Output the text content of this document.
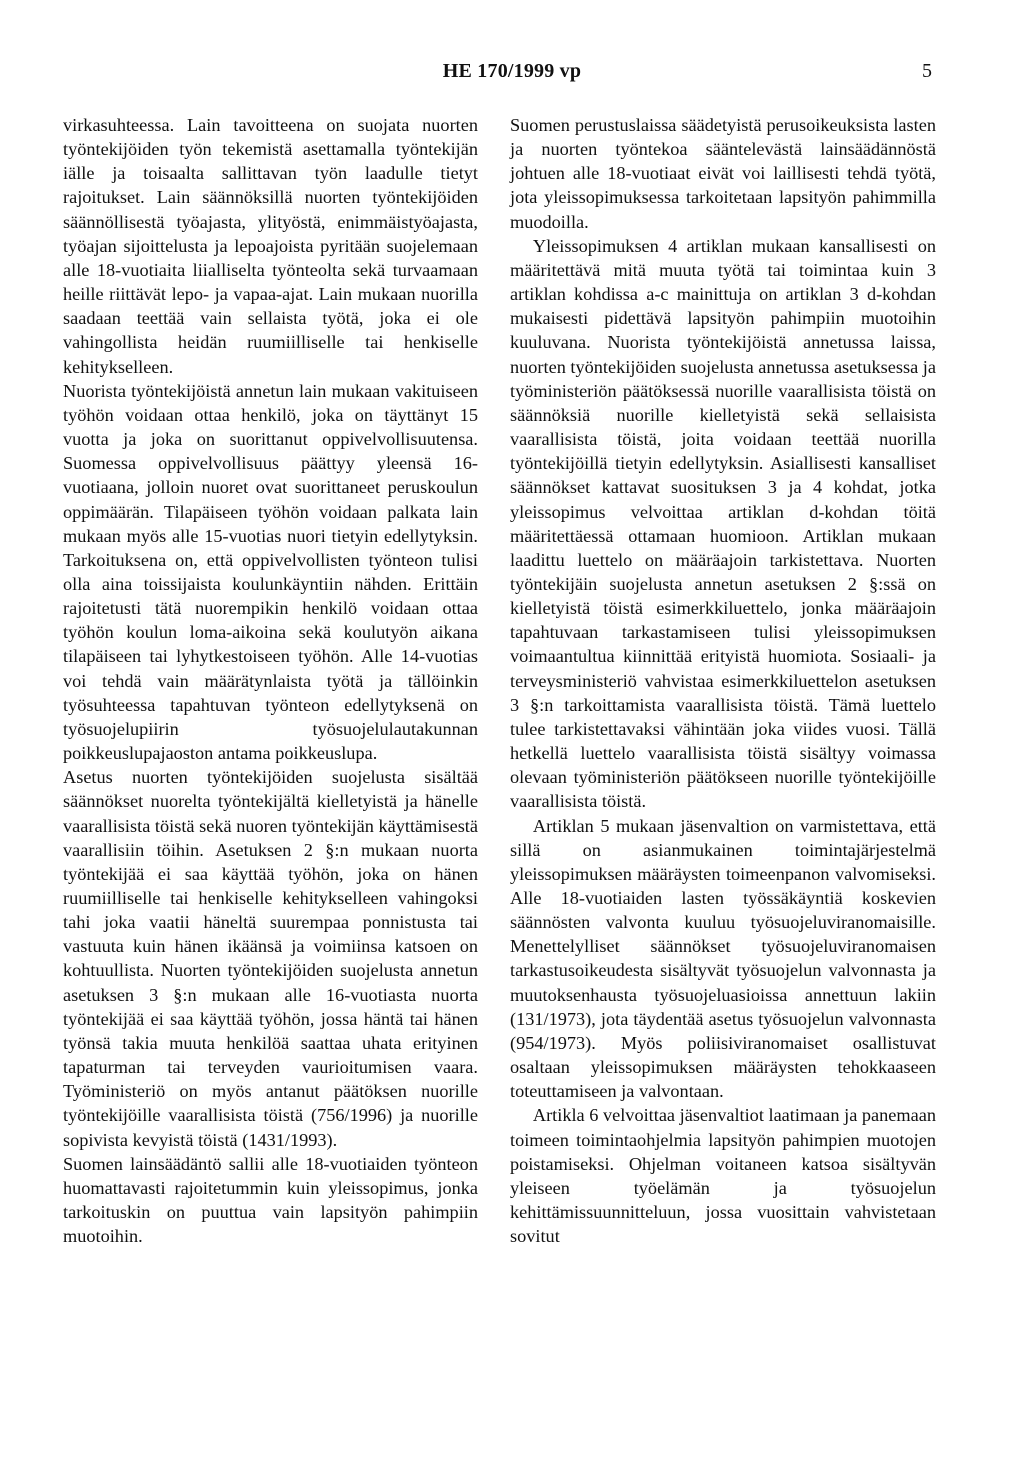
HE 170/1999 vp	5

virkasuhteessa. Lain tavoitteena on suojata nuorten työntekijöiden työn tekemistä asettamalla työntekijän iälle ja toisaalta sallittavan työn laadulle tietyt rajoitukset. Lain säännöksillä nuorten työntekijöiden säännöllisestä työajasta, ylityöstä, enimmäistyöajasta, työajan sijoittelusta ja lepoajoista pyritään suojelemaan alle 18-vuotiaita liialliselta työnteolta sekä turvaamaan heille riittävät lepo- ja vapaa-ajat. Lain mukaan nuorilla saadaan teettää vain sellaista työtä, joka ei ole vahingollista heidän ruumiilliselle tai henkiselle kehitykselleen.

Nuorista työntekijöistä annetun lain mukaan vakituiseen työhön voidaan ottaa henkilö, joka on täyttänyt 15 vuotta ja joka on suorittanut oppivelvollisuutensa. Suomessa oppivelvollisuus päättyy yleensä 16-vuotiaana, jolloin nuoret ovat suorittaneet peruskoulun oppimäärän. Tilapäiseen työhön voidaan palkata lain mukaan myös alle 15-vuotias nuori tietyin edellytyksin. Tarkoituksena on, että oppivelvollisten työnteon tulisi olla aina toissijaista koulunkäyntiin nähden. Erittäin rajoitetusti tätä nuorempikin henkilö voidaan ottaa työhön koulun loma-aikoina sekä koulutyön aikana tilapäiseen tai lyhytkestoiseen työhön. Alle 14-vuotias voi tehdä vain määrätynlaista työtä ja tällöinkin työsuhteessa tapahtuvan työnteon edellytyksenä on työsuojelupiirin työsuojelulautakunnan poikkeuslupajaoston antama poikkeuslupa.

Asetus nuorten työntekijöiden suojelusta sisältää säännökset nuorelta työntekijältä kielletyistä ja hänelle vaarallisista töistä sekä nuoren työntekijän käyttämisestä vaarallisiin töihin. Asetuksen 2 §:n mukaan nuorta työntekijää ei saa käyttää työhön, joka on hänen ruumiilliselle tai henkiselle kehitykselleen vahingoksi tahi joka vaatii häneltä suurempaa ponnistusta tai vastuuta kuin hänen ikäänsä ja voimiinsa katsoen on kohtuullista. Nuorten työntekijöiden suojelusta annetun asetuksen 3 §:n mukaan alle 16-vuotiasta nuorta työntekijää ei saa käyttää työhön, jossa häntä tai hänen työnsä takia muuta henkilöä saattaa uhata erityinen tapaturman tai terveyden vaurioitumisen vaara. Työministeriö on myös antanut päätöksen nuorille työntekijöille vaarallisista töistä (756/1996) ja nuorille sopivista kevyistä töistä (1431/1993).

Suomen lainsäädäntö sallii alle 18-vuotiaiden työnteon huomattavasti rajoitetummin kuin yleissopimus, jonka tarkoituskin on puuttua vain lapsityön pahimpiin muotoihin.

Suomen perustuslaissa säädetyistä perusoikeuksista lasten ja nuorten työntekoa sääntelevästä lainsäädännöstä johtuen alle 18-vuotiaat eivät voi laillisesti tehdä työtä, jota yleissopimuksessa tarkoitetaan lapsityön pahimmilla muodoilla.

Yleissopimuksen 4 artiklan mukaan kansallisesti on määritettävä mitä muuta työtä tai toimintaa kuin 3 artiklan kohdissa a-c mainittuja on artiklan 3 d-kohdan mukaisesti pidettävä lapsityön pahimpiin muotoihin kuuluvana. Nuorista työntekijöistä annetussa laissa, nuorten työntekijöiden suojelusta annetussa asetuksessa ja työministeriön päätöksessä nuorille vaarallisista töistä on säännöksiä nuorille kielletyistä sekä sellaisista vaarallisista töistä, joita voidaan teettää nuorilla työntekijöillä tietyin edellytyksin. Asiallisesti kansalliset säännökset kattavat suosituksen 3 ja 4 kohdat, jotka yleissopimus velvoittaa artiklan d-kohdan töitä määritettäessä ottamaan huomioon. Artiklan mukaan laadittu luettelo on määräajoin tarkistettava. Nuorten työntekijäin suojelusta annetun asetuksen 2 §:ssä on kielletyistä töistä esimerkkiluettelo, jonka määräajoin tapahtuvaan tarkastamiseen tulisi yleissopimuksen voimaantultua kiinnittää erityistä huomiota. Sosiaali- ja terveysministeriö vahvistaa esimerkkiluettelon asetuksen 3 §:n tarkoittamista vaarallisista töistä. Tämä luettelo tulee tarkistettavaksi vähintään joka viides vuosi. Tällä hetkellä luettelo vaarallisista töistä sisältyy voimassa olevaan työministeriön päätökseen nuorille työntekijöille vaarallisista töistä.

Artiklan 5 mukaan jäsenvaltion on varmistettava, että sillä on asianmukainen toimintajärjestelmä yleissopimuksen määräysten toimeenpanon valvomiseksi. Alle 18-vuotiaiden lasten työssäkäyntiä koskevien säännösten valvonta kuuluu työsuojeluviranomaisille. Menettelylliset säännökset työsuojeluviranomaisen tarkastusoikeudesta sisältyvät työsuojelun valvonnasta ja muutoksenhausta työsuojeluasioissa annettuun lakiin (131/1973), jota täydentää asetus työsuojelun valvonnasta (954/1973). Myös poliisiviranomaiset osallistuvat osaltaan yleissopimuksen määräysten tehokkaaseen toteuttamiseen ja valvontaan.

Artikla 6 velvoittaa jäsenvaltiot laatimaan ja panemaan toimeen toimintaohjelmia lapsityön pahimpien muotojen poistamiseksi. Ohjelman voitaneen katsoa sisältyvän yleiseen työelämän ja työsuojelun kehittämissuunnitteluun, jossa vuosittain vahvistetaan sovitut
